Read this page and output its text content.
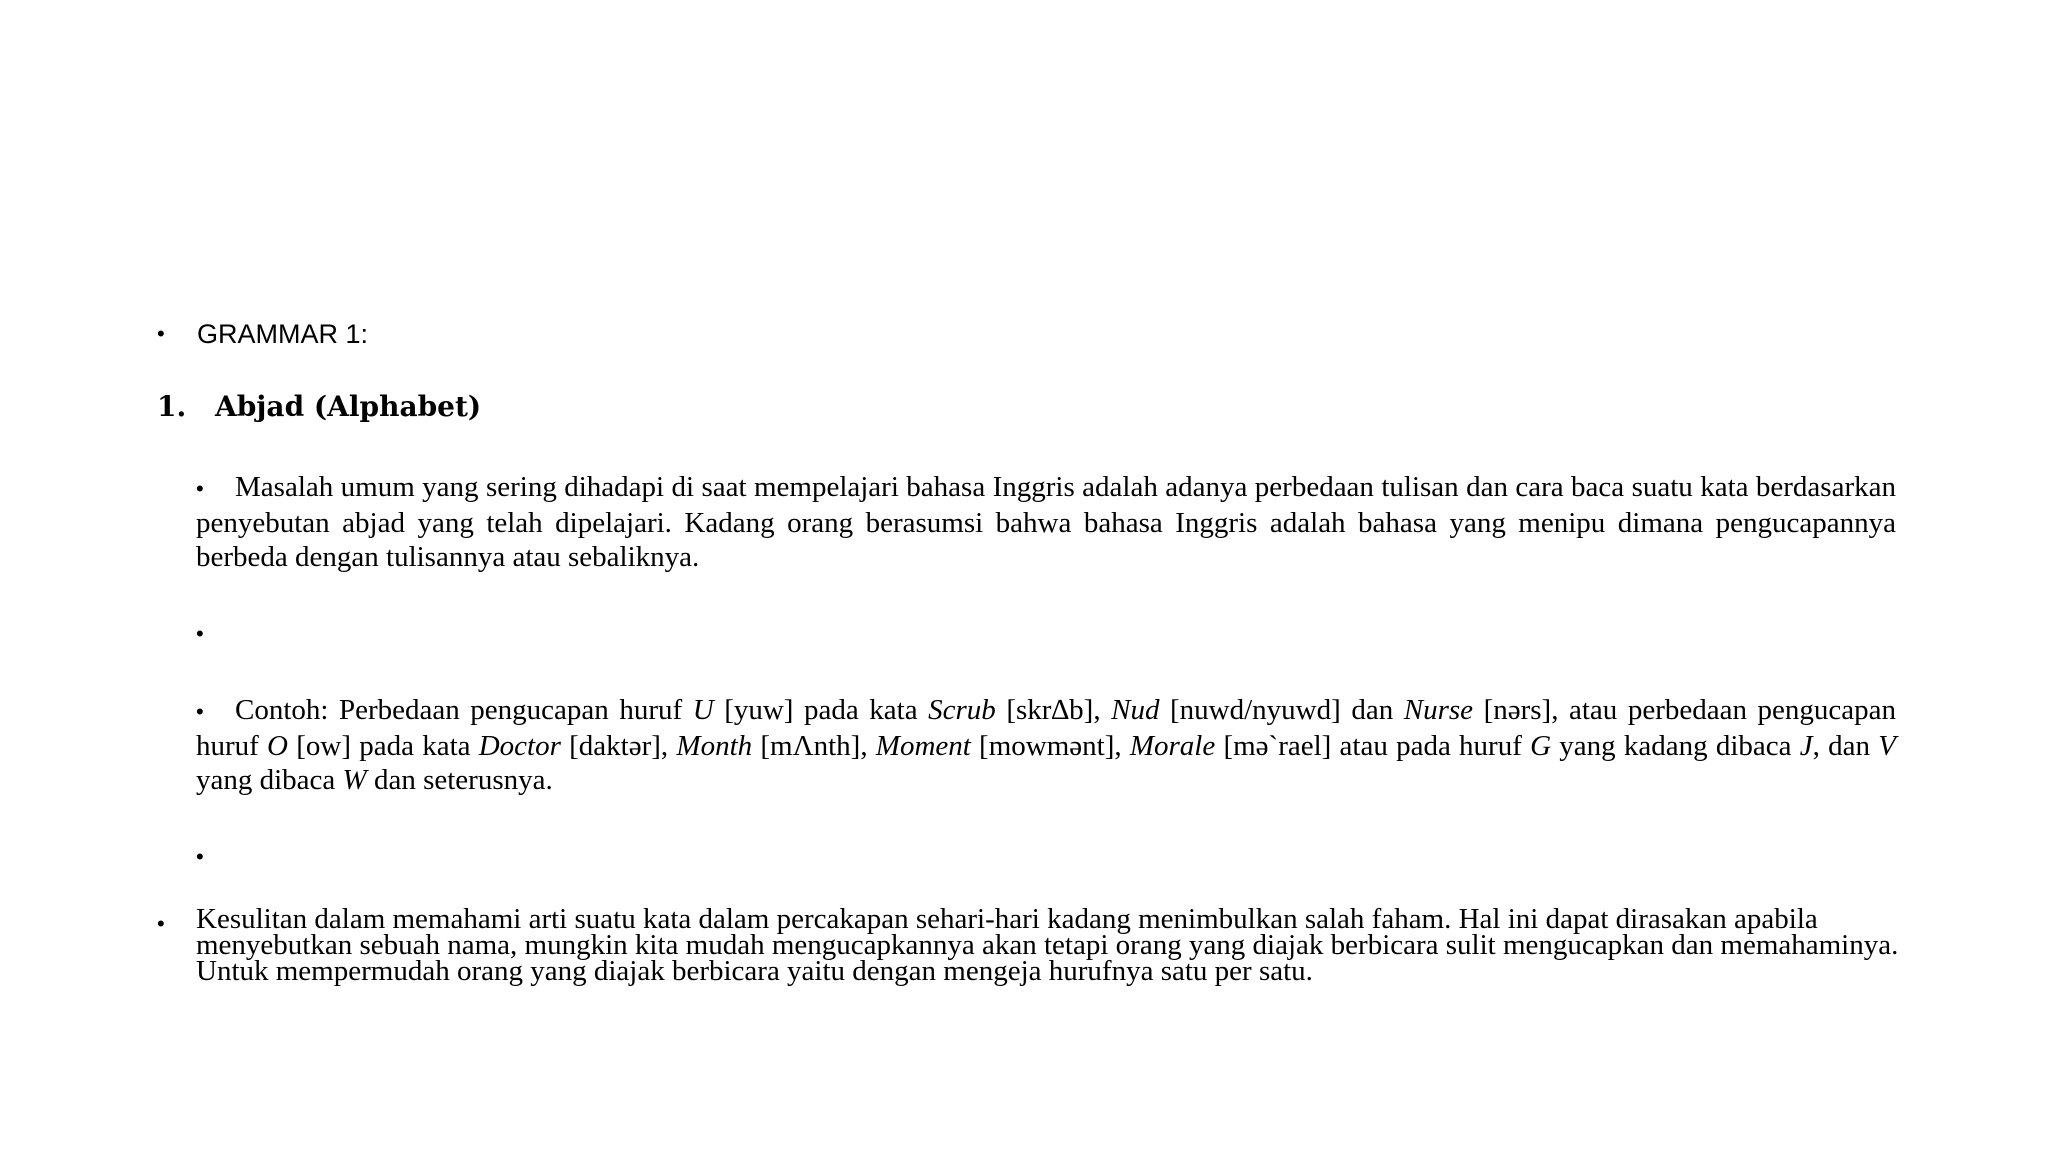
•	GRAMMAR 1:
1.	Abjad (Alphabet)
• Masalah umum yang sering dihadapi di saat mempelajari bahasa Inggris adalah adanya perbedaan tulisan dan cara baca suatu kata berdasarkan penyebutan abjad yang telah dipelajari. Kadang orang berasumsi bahwa bahasa Inggris adalah bahasa yang menipu dimana pengucapannya berbeda dengan tulisannya atau sebaliknya.
•
• Contoh: Perbedaan pengucapan huruf U [yuw] pada kata Scrub [skr∆b], Nud [nuwd/nyuwd] dan Nurse [nərs], atau perbedaan pengucapan huruf O [ow] pada kata Doctor [daktər], Month [mɅnth], Moment [mowmənt], Morale [mə`rael] atau pada huruf G yang kadang dibaca J, dan V yang dibaca W dan seterusnya.
•
• Kesulitan dalam memahami arti suatu kata dalam percakapan sehari-hari kadang menimbulkan salah faham. Hal ini dapat dirasakan apabila menyebutkan sebuah nama, mungkin kita mudah mengucapkannya akan tetapi orang yang diajak berbicara sulit mengucapkan dan memahaminya. Untuk mempermudah orang yang diajak berbicara yaitu dengan mengeja hurufnya satu per satu.
